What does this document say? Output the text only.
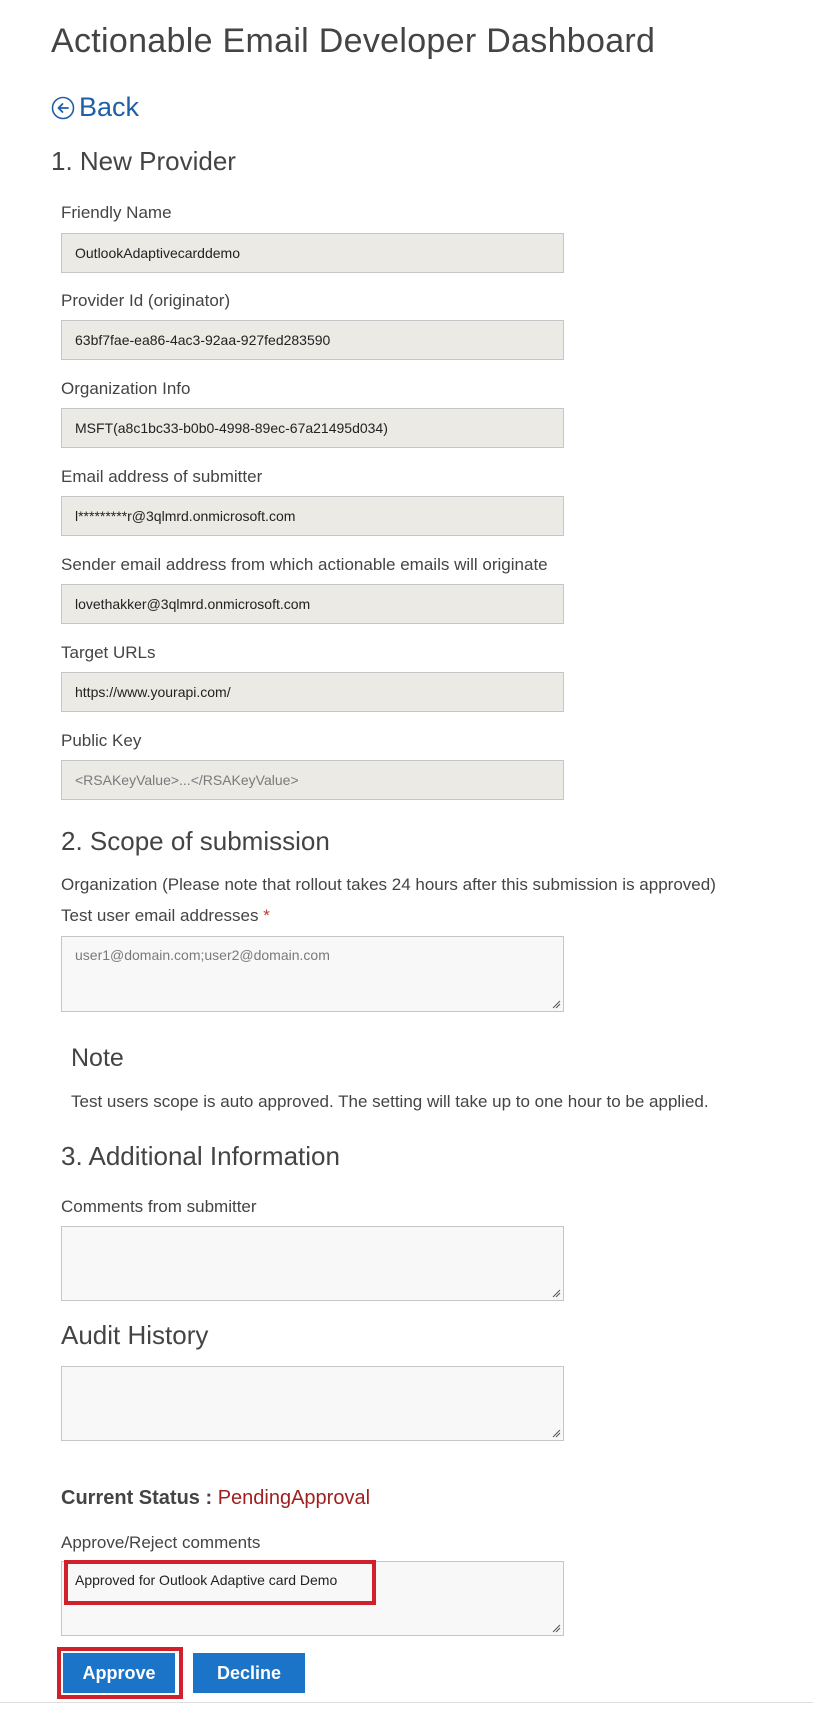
Actionable Email Developer Dashboard
Back
1. New Provider
Friendly Name
OutlookAdaptivecarddemo
Provider Id (originator)
63bf7fae-ea86-4ac3-92aa-927fed283590
Organization Info
MSFT(a8c1bc33-b0b0-4998-89ec-67a21495d034)
Email address of submitter
l*********r@3qlmrd.onmicrosoft.com
Sender email address from which actionable emails will originate
lovethakker@3qlmrd.onmicrosoft.com
Target URLs
https://www.yourapi.com/
Public Key
<RSAKeyValue>...</RSAKeyValue>
2. Scope of submission
Organization (Please note that rollout takes 24 hours after this submission is approved)
Test user email addresses *
user1@domain.com;user2@domain.com
Note
Test users scope is auto approved. The setting will take up to one hour to be applied.
3. Additional Information
Comments from submitter
Audit History
Current Status : PendingApproval
Approve/Reject comments
Approved for Outlook Adaptive card Demo
Approve	Decline
